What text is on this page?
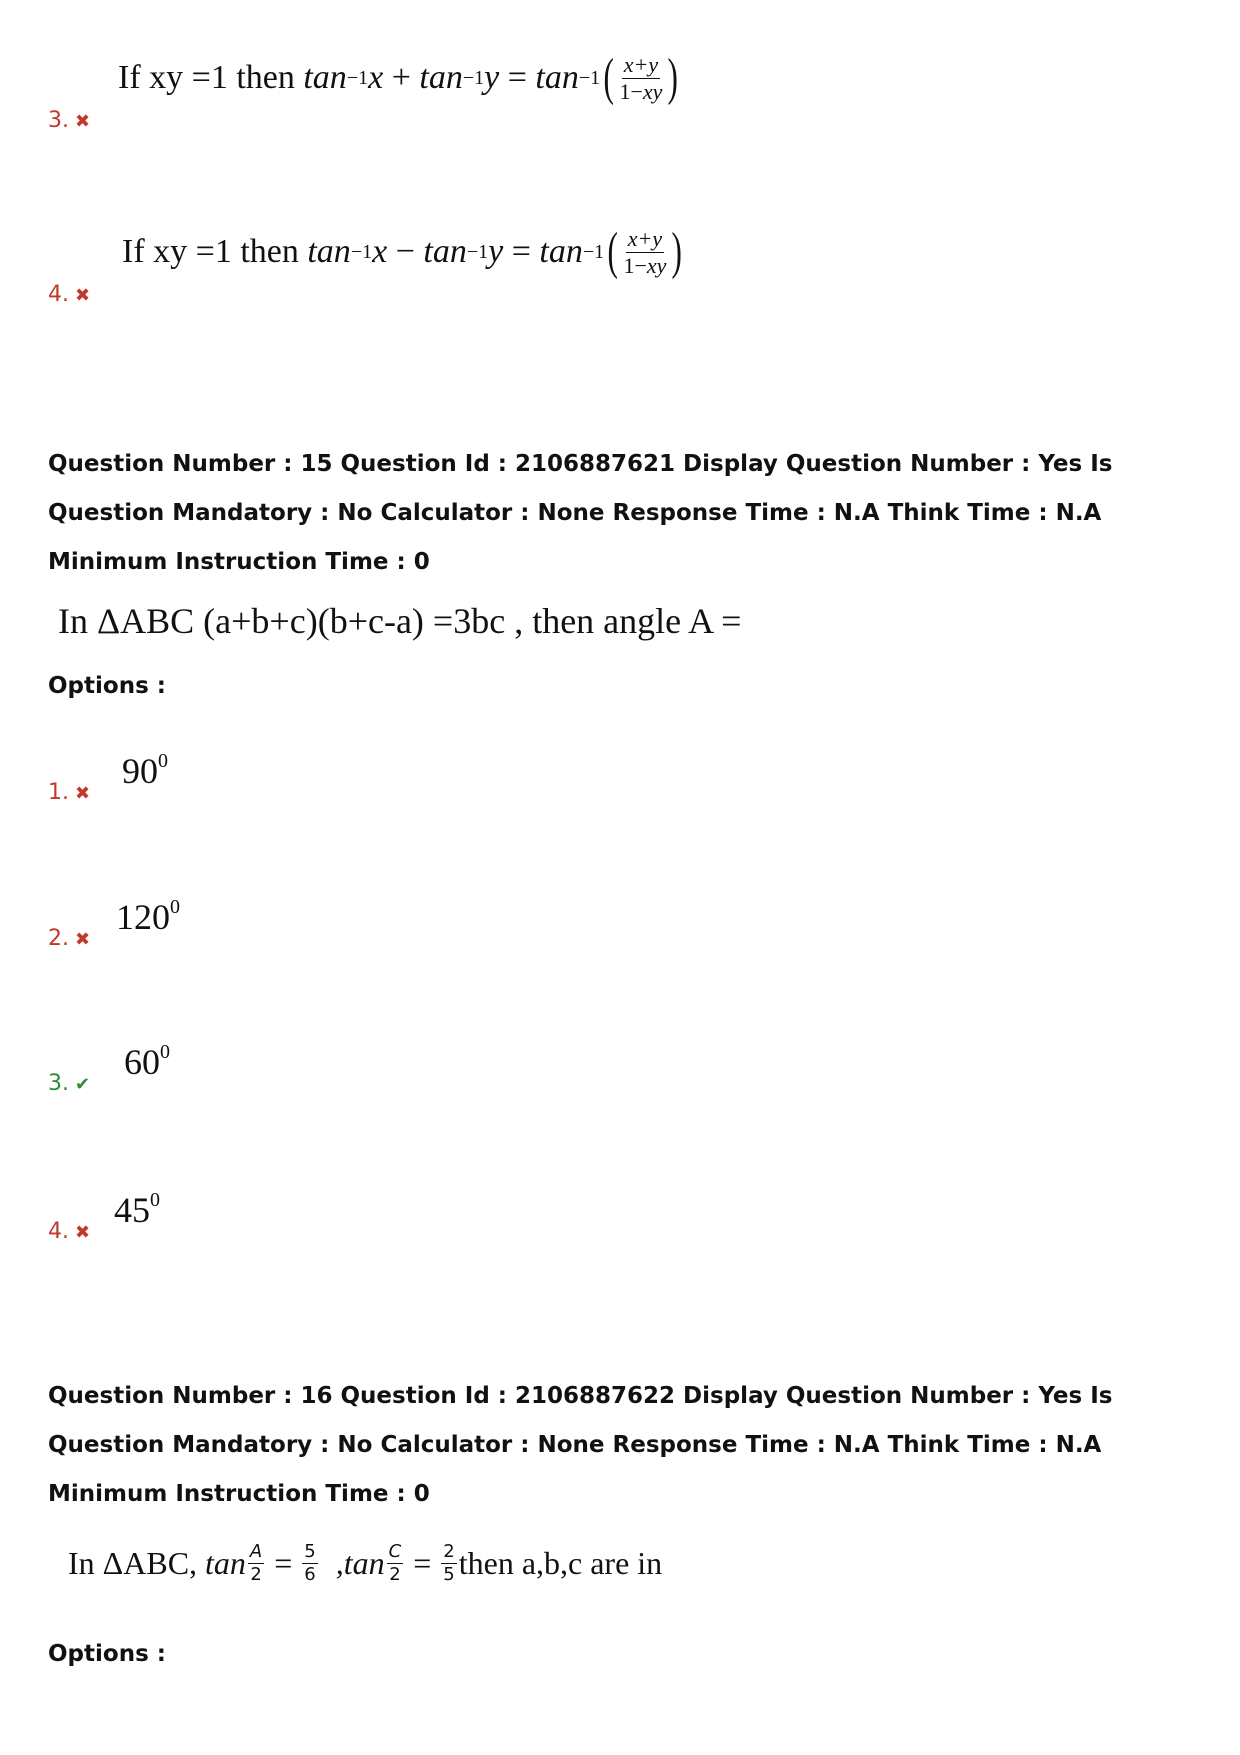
3. ✖
If xy =1 then
tan −1 x
+
tan −1 y = tan −1 ( $\frac{x+y}{1-xy}$ )
4. ✖
If xy =1 then
tan −1 x
−
tan −1 y = tan −1 ( $\frac{x+y}{1-xy}$ )
Question Number : 15 Question Id : 2106887621 Display Question Number : Yes Is Question Mandatory : No Calculator : None Response Time : N.A Think Time : N.A Minimum Instruction Time : 0
In ΔABC (a+b+c)(b+c-a) =3bc , then angle A =
Options :
1. ✖
$90^0$
2. ✖
$120^0$
3. ✔
$60^0$
4. ✖
$45^0$
Question Number : 16 Question Id : 2106887622 Display Question Number : Yes Is Question Mandatory : No Calculator : None Response Time : N.A Think Time : N.A Minimum Instruction Time : 0
In ΔABC,
$\tan \frac{A}{2} = \frac{5}{6}$
$,\tan \frac{C}{2} = \frac{2}{5}$ then a,b,c are in
Options :
